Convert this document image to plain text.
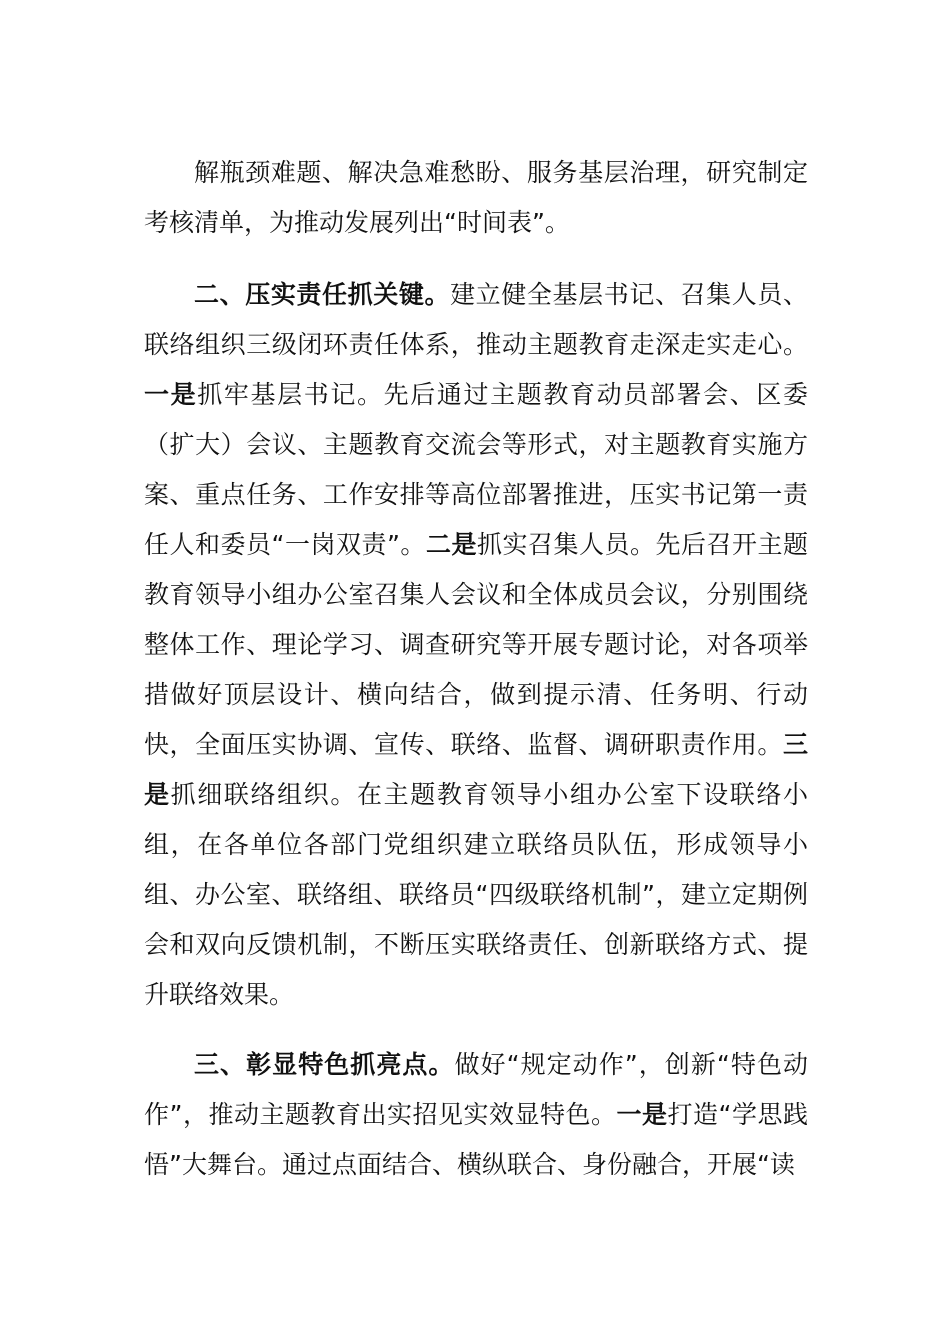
解瓶颈难题、解决急难愁盼、服务基层治理，研究制定考核清单，为推动发展列出“时间表”。

二、压实责任抓关键。建立健全基层书记、召集人员、联络组织三级闭环责任体系，推动主题教育走深走实走心。一是抓牢基层书记。先后通过主题教育动员部署会、区委（扩大）会议、主题教育交流会等形式，对主题教育实施方案、重点任务、工作安排等高位部署推进，压实书记第一责任人和委员“一岗双责”。二是抓实召集人员。先后召开主题教育领导小组办公室召集人会议和全体成员会议，分别围绕整体工作、理论学习、调查研究等开展专题讨论，对各项举措做好顶层设计、横向结合，做到提示清、任务明、行动快，全面压实协调、宣传、联络、监督、调研职责作用。三是抓细联络组织。在主题教育领导小组办公室下设联络小组，在各单位各部门党组织建立联络员队伍，形成领导小组、办公室、联络组、联络员“四级联络机制”，建立定期例会和双向反馈机制，不断压实联络责任、创新联络方式、提升联络效果。

三、彰显特色抓亮点。做好“规定动作”，创新“特色动作”，推动主题教育出实招见实效显特色。一是打造“学思践悟”大舞台。通过点面结合、横纵联合、身份融合，开展“读
